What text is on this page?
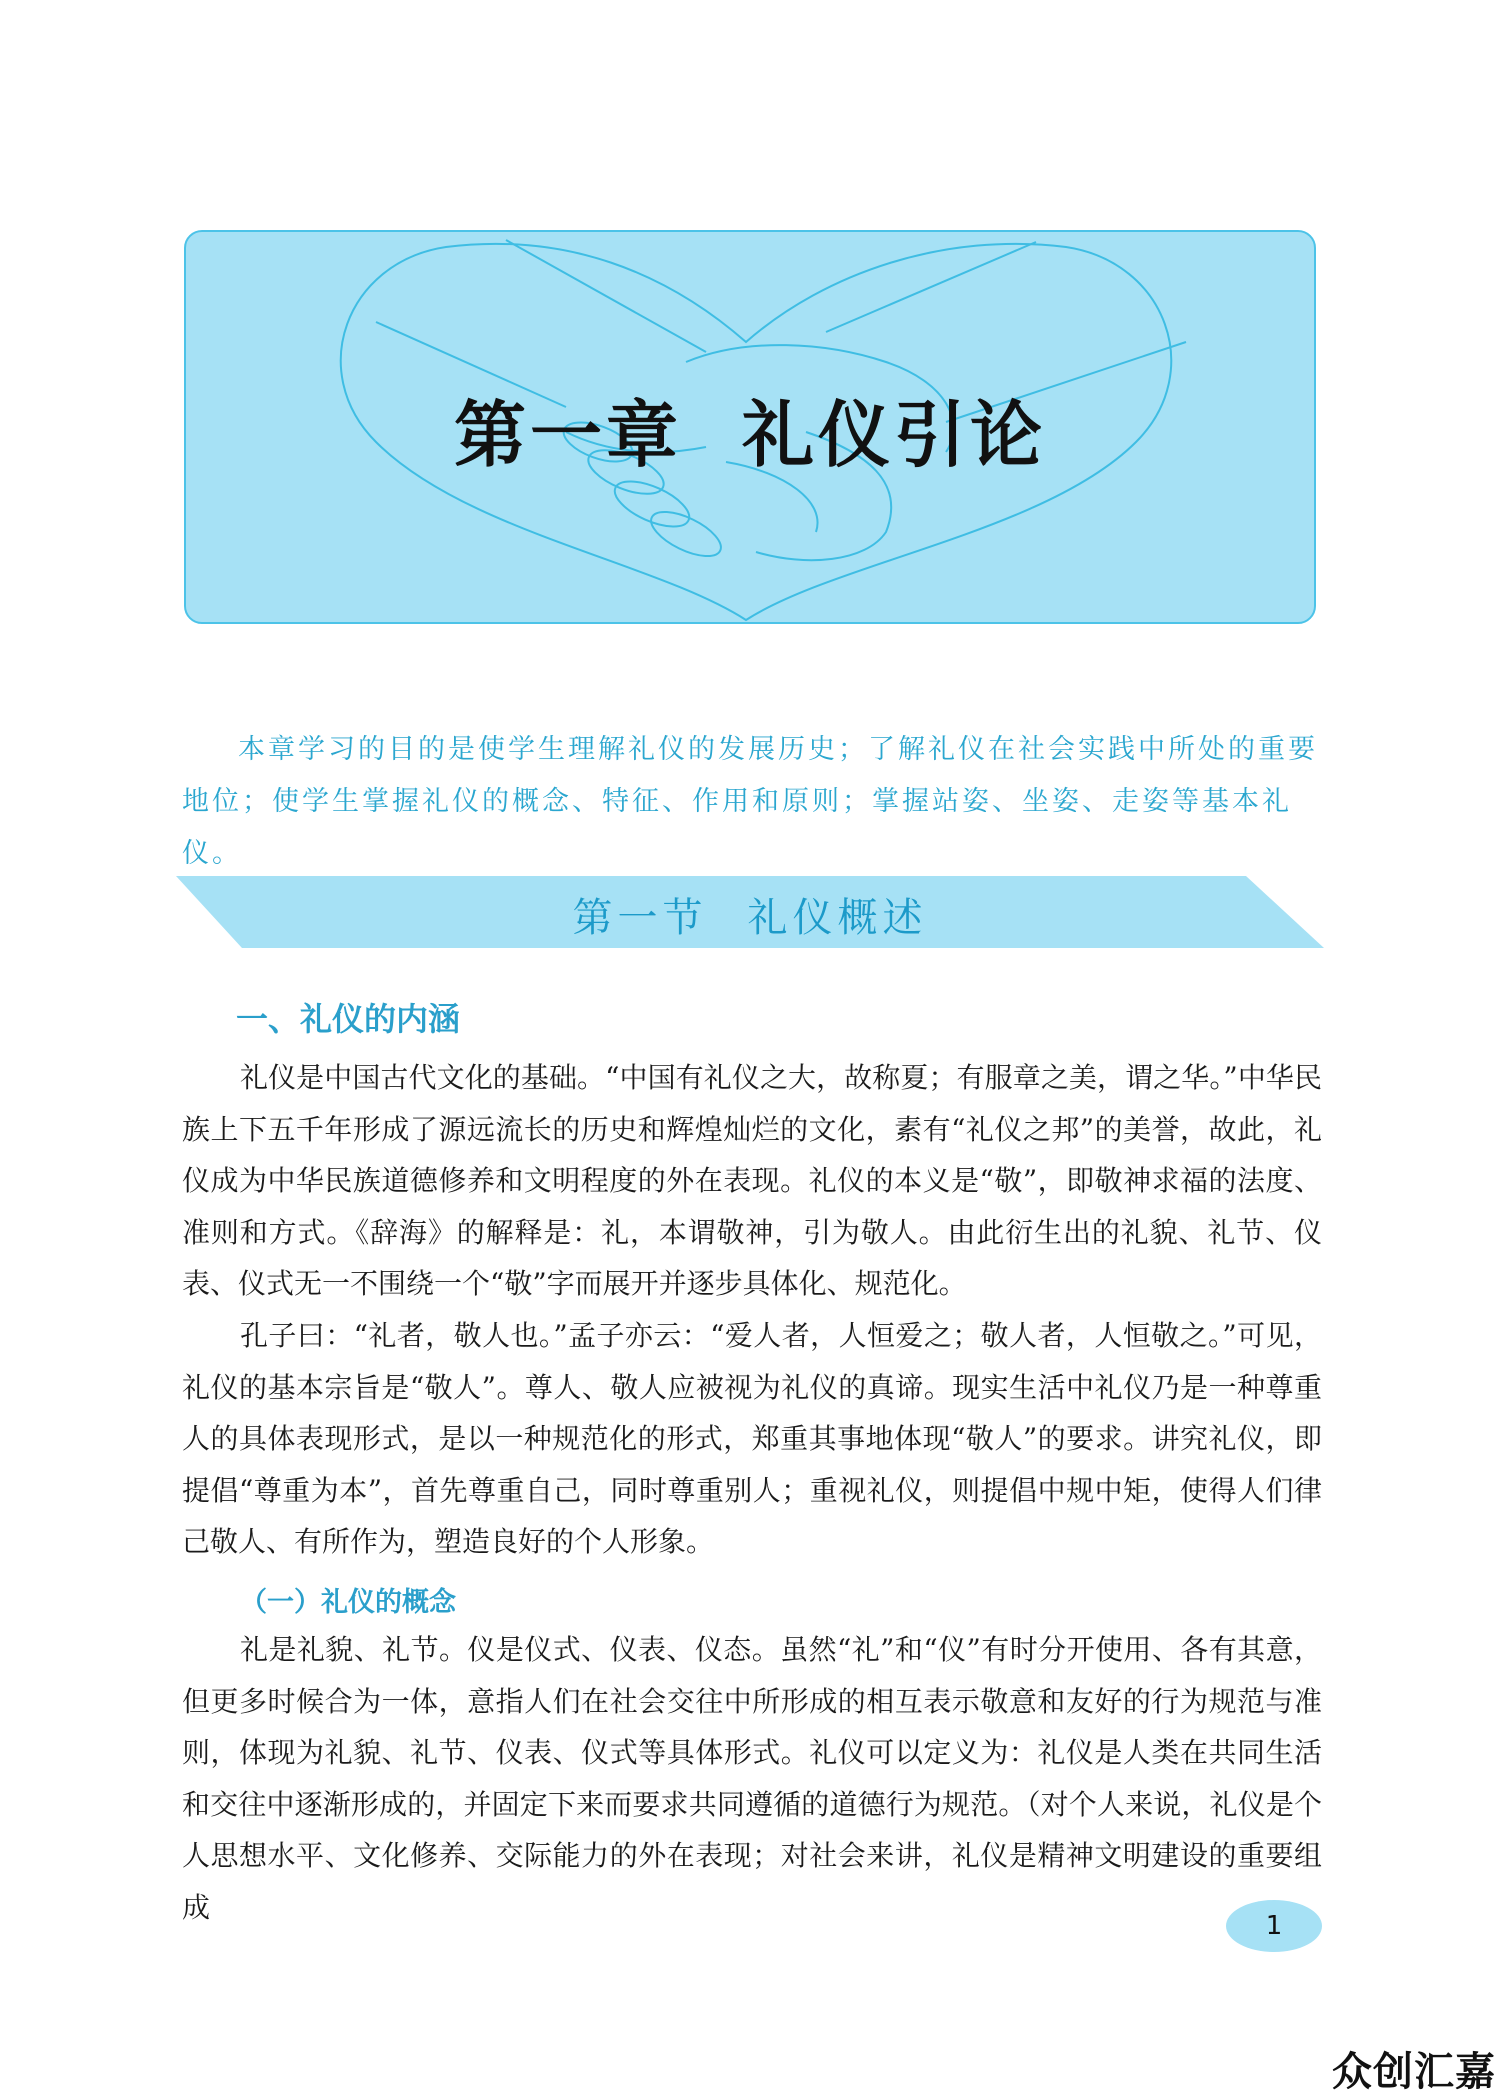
第一章 礼仪引论

本章学习的目的是使学生理解礼仪的发展历史；了解礼仪在社会实践中所处的重要地位；使学生掌握礼仪的概念、特征、作用和原则；掌握站姿、坐姿、走姿等基本礼仪。

第一节 礼仪概述
一、礼仪的内涵

礼仪是中国古代文化的基础。“中国有礼仪之大，故称夏；有服章之美，谓之华。”中华民族上下五千年形成了源远流长的历史和辉煌灿烂的文化，素有“礼仪之邦”的美誉，故此，礼仪成为中华民族道德修养和文明程度的外在表现。礼仪的本义是“敬”，即敬神求福的法度、准则和方式。《辞海》的解释是：礼，本谓敬神，引为敬人。由此衍生出的礼貌、礼节、仪表、仪式无一不围绕一个“敬”字而展开并逐步具体化、规范化。

孔子曰：“礼者，敬人也。”孟子亦云：“爱人者，人恒爱之；敬人者，人恒敬之。”可见，礼仪的基本宗旨是“敬人”。尊人、敬人应被视为礼仪的真谛。现实生活中礼仪乃是一种尊重人的具体表现形式，是以一种规范化的形式，郑重其事地体现“敬人”的要求。讲究礼仪，即提倡“尊重为本”，首先尊重自己，同时尊重别人；重视礼仪，则提倡中规中矩，使得人们律己敬人、有所作为，塑造良好的个人形象。

（一）礼仪的概念

礼是礼貌、礼节。仪是仪式、仪表、仪态。虽然“礼”和“仪”有时分开使用、各有其意，但更多时候合为一体，意指人们在社会交往中所形成的相互表示敬意和友好的行为规范与准则，体现为礼貌、礼节、仪表、仪式等具体形式。礼仪可以定义为：礼仪是人类在共同生活和交往中逐渐形成的，并固定下来而要求共同遵循的道德行为规范。（对个人来说，礼仪是个人思想水平、文化修养、交际能力的外在表现；对社会来讲，礼仪是精神文明建设的重要组成

1
众创汇嘉
